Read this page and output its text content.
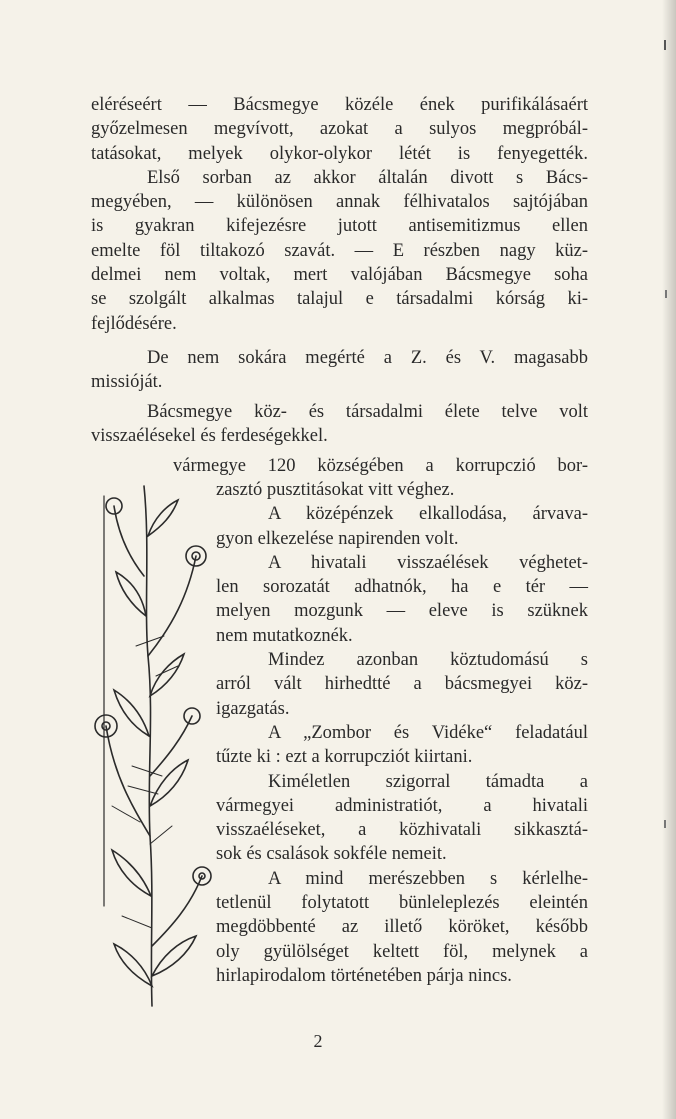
eléréseért — Bácsmegye közéle ének purifikálásaért
győzelmesen megvívott, azokat a sulyos megpróbál-
tatásokat, melyek olykor-olykor létét is fenyegették.
Első sorban az akkor általán divott s Bács-
megyében, — különösen annak félhivatalos sajtójában
is gyakran kifejezésre jutott antisemitizmus ellen
emelte föl tiltakozó szavát. — E részben nagy küz-
delmei nem voltak, mert valójában Bácsmegye soha
se szolgált alkalmas talajul e társadalmi kórság ki-
fejlődésére.
De nem sokára megérté a Z. és V. magasabb
missióját.
Bácsmegye köz- és társadalmi élete telve volt
visszaélésekel és ferdeségekkel.
vármegye 120 községében a korrupczió bor-
zasztó pusztitásokat vitt véghez.
A középénzek elkallodása, árvava-
gyon elkezelése napirenden volt.
A hivatali visszaélések véghetet-
len sorozatát adhatnók, ha e tér —
melyen mozgunk — eleve is szüknek
nem mutatkoznék.
Mindez azonban köztudomású s
arról vált hirhedtté a bácsmegyei köz-
igazgatás.
A „Zombor és Vidéke“ feladatául
tűzte ki : ezt a korrupcziót kiirtani.
Kiméletlen szigorral támadta a
vármegyei administratiót, a hivatali
visszaéléseket, a közhivatali sikkasztá-
sok és csalások sokféle nemeit.
A mind merészebben s kérlelhe-
tetlenül folytatott bünleleplezés eleintén
megdöbbenté az illető köröket, később
oly gyülölséget keltett föl, melynek a
hirlapirodalom történetében párja nincs.
2
